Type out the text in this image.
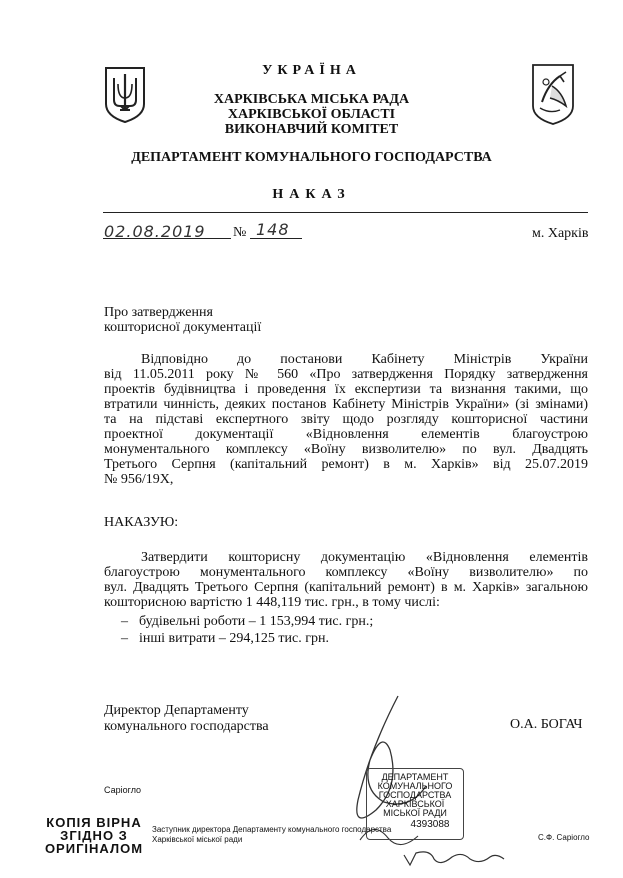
УКРАЇНА
ХАРКІВСЬКА МІСЬКА РАДА
ХАРКІВСЬКОЇ ОБЛАСТІ
ВИКОНАВЧИЙ КОМІТЕТ
ДЕПАРТАМЕНТ КОМУНАЛЬНОГО ГОСПОДАРСТВА
НАКАЗ
02.08.2019 № 148	м. Харків
Про затвердження
кошторисної документації
Відповідно до постанови Кабінету Міністрів України
від 11.05.2011 року № 560 «Про затвердження Порядку затвердження
проектів будівництва і проведення їх експертизи та визнання такими, що
втратили чинність, деяких постанов Кабінету Міністрів України» (зі змінами)
та на підставі експертного звіту щодо розгляду кошторисної частини
проектної документації «Відновлення елементів благоустрою
монументального комплексу «Воїну визволителю» по вул. Двадцять
Третього Серпня (капітальний ремонт) в м. Харків» від 25.07.2019
№ 956/19Х,
НАКАЗУЮ:
Затвердити кошторисну документацію «Відновлення елементів
благоустрою монументального комплексу «Воїну визволителю» по
вул. Двадцять Третього Серпня (капітальний ремонт) в м. Харків» загальною
кошторисною вартістю 1 448,119 тис. грн., в тому числі:
– будівельні роботи – 1 153,994 тис. грн.;
– інші витрати – 294,125 тис. грн.
Директор Департаменту
комунального господарства	О.А. БОГАЧ
Саріогло
КОПІЯ ВІРНА
ЗГІДНО З
ОРИГІНАЛОМ
Заступник директора Департаменту комунального господарства
Харківської міської ради	С.Ф. Саріогло
ДЕПАРТАМЕНТ
КОМУНАЛЬНОГО
ГОСПОДАРСТВА
ХАРКІВСЬКОЇ
МІСЬКОЇ РАДИ
4393088
